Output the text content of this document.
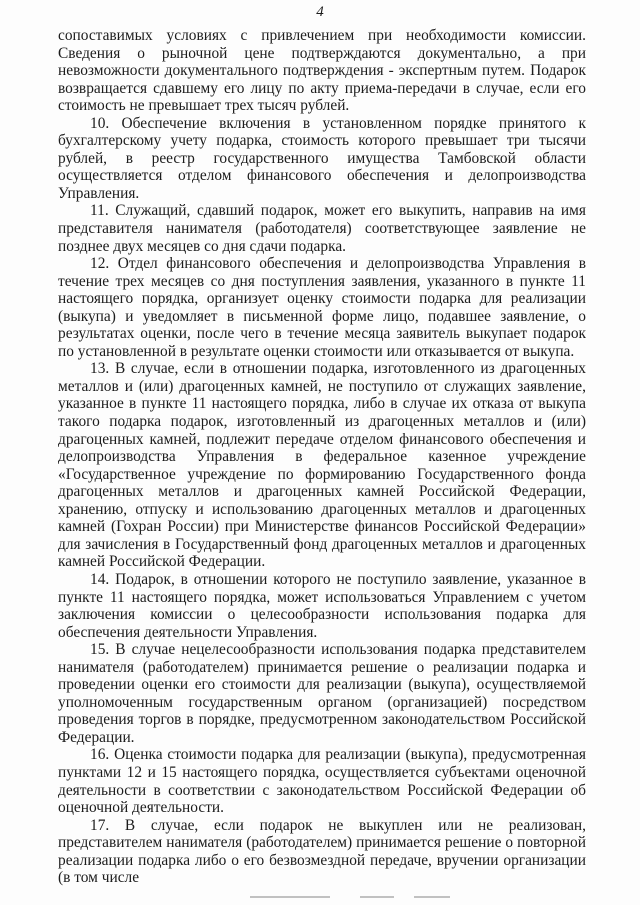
4

сопоставимых условиях с привлечением при необходимости комиссии. Сведения о рыночной цене подтверждаются документально, а при невозможности документального подтверждения - экспертным путем. Подарок возвращается сдавшему его лицу по акту приема-передачи в случае, если его стоимость не превышает трех тысяч рублей.

10. Обеспечение включения в установленном порядке принятого к бухгалтерскому учету подарка, стоимость которого превышает три тысячи рублей, в реестр государственного имущества Тамбовской области осуществляется отделом финансового обеспечения и делопроизводства Управления.

11. Служащий, сдавший подарок, может его выкупить, направив на имя представителя нанимателя (работодателя) соответствующее заявление не позднее двух месяцев со дня сдачи подарка.

12. Отдел финансового обеспечения и делопроизводства Управления в течение трех месяцев со дня поступления заявления, указанного в пункте 11 настоящего порядка, организует оценку стоимости подарка для реализации (выкупа) и уведомляет в письменной форме лицо, подавшее заявление, о результатах оценки, после чего в течение месяца заявитель выкупает подарок по установленной в результате оценки стоимости или отказывается от выкупа.

13. В случае, если в отношении подарка, изготовленного из драгоценных металлов и (или) драгоценных камней, не поступило от служащих заявление, указанное в пункте 11 настоящего порядка, либо в случае их отказа от выкупа такого подарка подарок, изготовленный из драгоценных металлов и (или) драгоценных камней, подлежит передаче отделом финансового обеспечения и делопроизводства Управления в федеральное казенное учреждение «Государственное учреждение по формированию Государственного фонда драгоценных металлов и драгоценных камней Российской Федерации, хранению, отпуску и использованию драгоценных металлов и драгоценных камней (Гохран России) при Министерстве финансов Российской Федерации» для зачисления в Государственный фонд драгоценных металлов и драгоценных камней Российской Федерации.

14. Подарок, в отношении которого не поступило заявление, указанное в пункте 11 настоящего порядка, может использоваться Управлением с учетом заключения комиссии о целесообразности использования подарка для обеспечения деятельности Управления.

15. В случае нецелесообразности использования подарка представителем нанимателя (работодателем) принимается решение о реализации подарка и проведении оценки его стоимости для реализации (выкупа), осуществляемой уполномоченным государственным органом (организацией) посредством проведения торгов в порядке, предусмотренном законодательством Российской Федерации.

16. Оценка стоимости подарка для реализации (выкупа), предусмотренная пунктами 12 и 15 настоящего порядка, осуществляется субъектами оценочной деятельности в соответствии с законодательством Российской Федерации об оценочной деятельности.

17. В случае, если подарок не выкуплен или не реализован, представителем нанимателя (работодателем) принимается решение о повторной реализации подарка либо о его безвозмездной передаче, вручении организации (в том числе
